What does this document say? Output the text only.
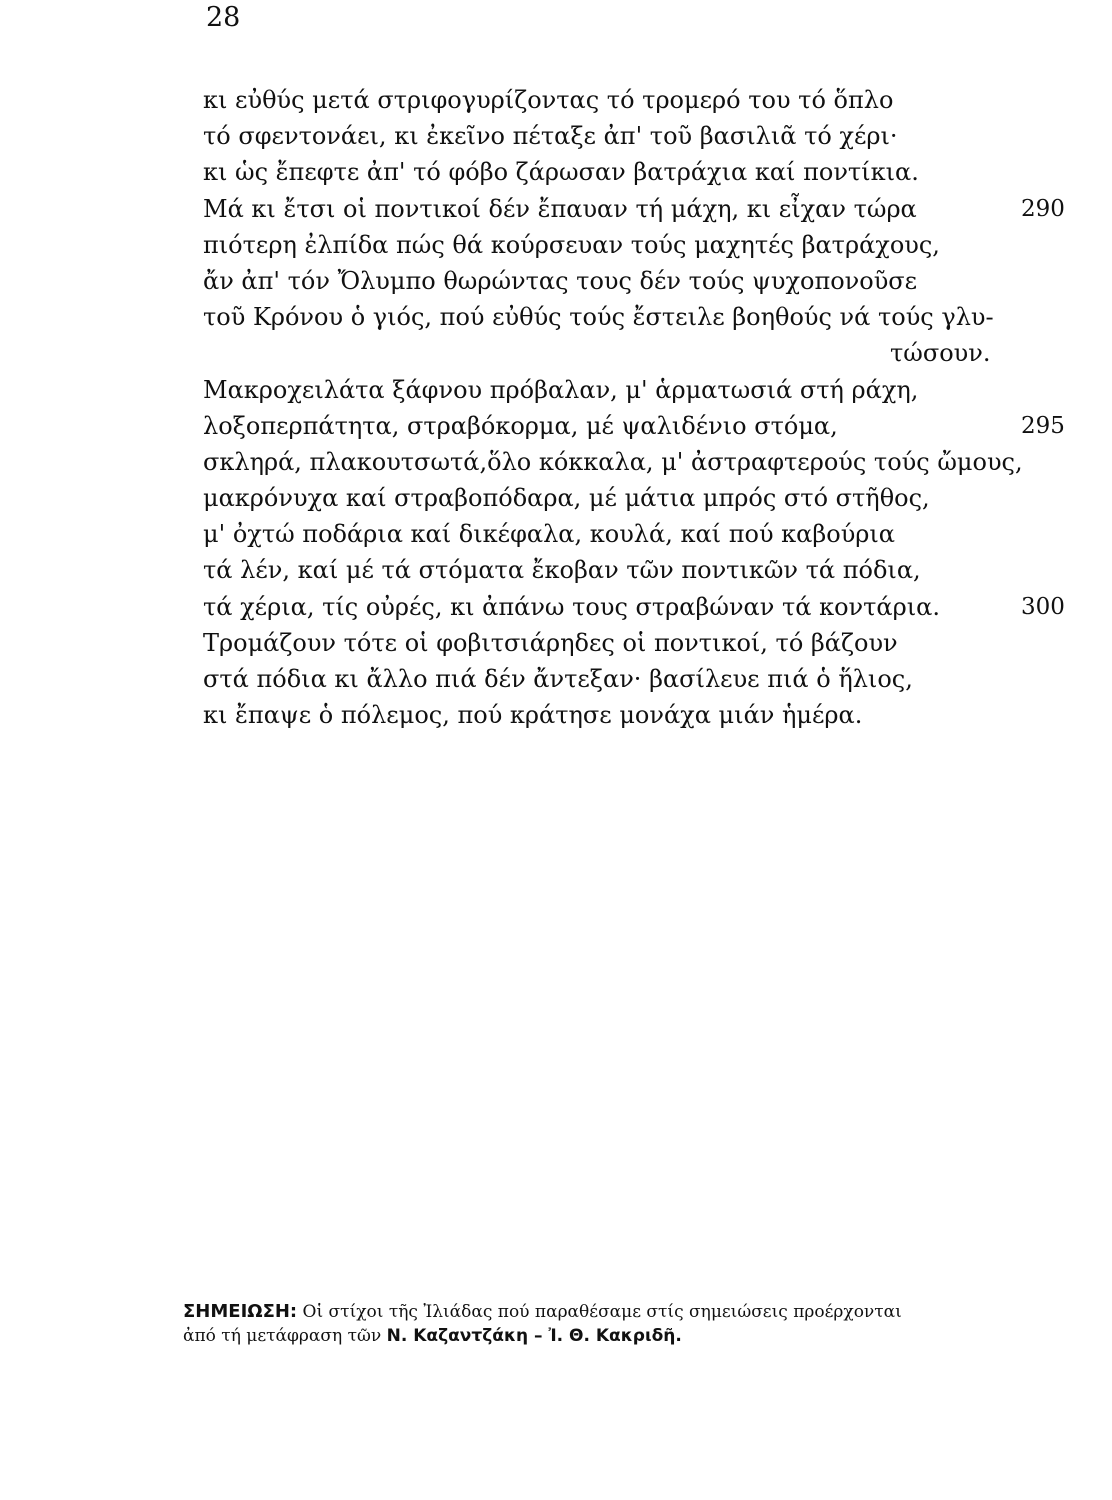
28
κι εὐθύς μετά στριφογυρίζοντας τό τρομερό του τό ὅπλο
τό σφεντονάει, κι ἐκεῖνο πέταξε ἀπ' τοῦ βασιλιᾶ τό χέρι·
κι ὡς ἔπεφτε ἀπ' τό φόβο ζάρωσαν βατράχια καί ποντίκια.
Μά κι ἔτσι οἱ ποντικοί δέν ἔπαυαν τή μάχη, κι εἶχαν τώρα	290
πιότερη ἐλπίδα πώς θά κούρσευαν τούς μαχητές βατράχους,
ἄν ἀπ' τόν Ὄλυμπο θωρώντας τους δέν τούς ψυχοπονοῦσε
τοῦ Κρόνου ὁ γιός, πού εὐθύς τούς ἔστειλε βοηθούς νά τούς γλυ-
τώσουν.
Μακροχειλάτα ξάφνου πρόβαλαν, μ' ἁρματωσιά στή ράχη,
λοξοπερπάτητα, στραβόκορμα, μέ ψαλιδένιο στόμα,	295
σκληρά, πλακουτσωτά,ὅλο κόκκαλα, μ' ἀστραφτερούς τούς ὤμους,
μακρόνυχα καί στραβοπόδαρα, μέ μάτια μπρός στό στῆθος,
μ' ὀχτώ ποδάρια καί δικέφαλα, κουλά, καί πού καβούρια
τά λέν, καί μέ τά στόματα ἔκοβαν τῶν ποντικῶν τά πόδια,
τά χέρια, τίς οὐρές, κι ἀπάνω τους στραβώναν τά κοντάρια.	300
Τρομάζουν τότε οἱ φοβιτσιάρηδες οἱ ποντικοί, τό βάζουν
στά πόδια κι ἄλλο πιά δέν ἄντεξαν· βασίλευε πιά ὁ ἥλιος,
κι ἔπαψε ὁ πόλεμος, πού κράτησε μονάχα μιάν ἡμέρα.
ΣΗΜΕΙΩΣΗ: Οἱ στίχοι τῆς Ἰλιάδας πού παραθέσαμε στίς σημειώσεις προέρχονται
ἀπό τή μετάφραση τῶν Ν. Καζαντζάκη – Ἰ. Θ. Κακριδῆ.
